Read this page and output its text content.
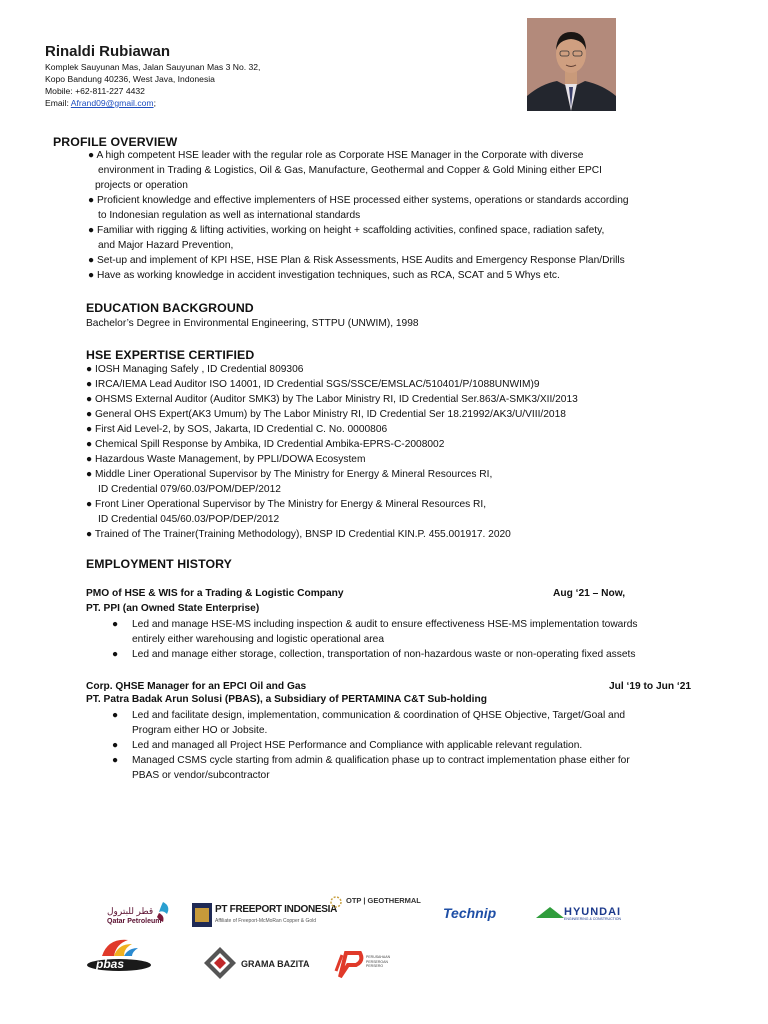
Rinaldi Rubiawan
Komplek Sauyunan Mas, Jalan Sauyunan Mas 3 No. 32,
Kopo Bandung 40236, West Java, Indonesia
Mobile: +62-811-227 4432
Email: Afrand09@gmail.com;
PROFILE OVERVIEW
● A high competent HSE leader with the regular role as Corporate HSE Manager in the Corporate with diverse
environment in Trading & Logistics, Oil & Gas, Manufacture, Geothermal and Copper & Gold Mining either EPCI
projects or operation
● Proficient knowledge and effective implementers of HSE processed either systems, operations or standards according
to Indonesian regulation as well as international standards
● Familiar with rigging & lifting activities, working on height + scaffolding activities, confined space, radiation safety,
and Major Hazard Prevention,
● Set-up and implement of KPI HSE, HSE Plan & Risk Assessments, HSE Audits and Emergency Response Plan/Drills
● Have as working knowledge in accident investigation techniques, such as RCA, SCAT and 5 Whys etc.
EDUCATION BACKGROUND
Bachelor’s Degree in Environmental Engineering, STTPU (UNWIM), 1998
HSE EXPERTISE CERTIFIED
● IOSH Managing Safely , ID Credential 809306
● IRCA/IEMA Lead Auditor ISO 14001, ID Credential SGS/SSCE/EMSLAC/510401/P/1088UNWIM)9
● OHSMS External Auditor (Auditor SMK3) by The Labor Ministry RI, ID Credential Ser.863/A-SMK3/XII/2013
● General OHS Expert(AK3 Umum) by The Labor Ministry RI, ID Credential Ser 18.21992/AK3/U/VIII/2018
● First Aid Level-2, by SOS, Jakarta, ID Credential C. No. 0000806
● Chemical Spill Response by Ambika, ID Credential Ambika-EPRS-C-2008002
● Hazardous Waste Management, by PPLI/DOWA Ecosystem
● Middle Liner Operational Supervisor by The Ministry for Energy & Mineral Resources RI,
ID Credential 079/60.03/POM/DEP/2012
● Front Liner Operational Supervisor by The Ministry for Energy & Mineral Resources RI,
ID Credential 045/60.03/POP/DEP/2012
● Trained of The Trainer(Training Methodology), BNSP ID Credential KIN.P. 455.001917. 2020
EMPLOYMENT HISTORY
PMO of HSE & WIS for a Trading & Logistic Company	Aug ‘21 – Now,
PT. PPI (an Owned State Enterprise)
● Led and manage HSE-MS including inspection & audit to ensure effectiveness HSE-MS implementation towards
entirely either warehousing and logistic operational area
● Led and manage either storage, collection, transportation of non-hazardous waste or non-operating fixed assets
Corp. QHSE Manager for an EPCI Oil and Gas	Jul ‘19 to Jun ‘21
PT. Patra Badak Arun Solusi (PBAS), a Subsidiary of PERTAMINA C&T Sub-holding
● Led and facilitate design, implementation, communication & coordination of QHSE Objective, Target/Goal and
Program either HO or Jobsite.
● Led and managed all Project HSE Performance and Compliance with applicable relevant regulation.
● Managed CSMS cycle starting from admin & qualification phase up to contract implementation phase either for
PBAS or vendor/subcontractor
قطر للبترول
Qatar Petroleum
PT FREEPORT INDONESIA
Affiliate of Freeport-McMoRan Copper & Gold
OTP | GEOTHERMAL
Technip	HYUNDAI
ENGINEERING & CONSTRUCTION
pbas	GRAMA BAZITA
PERUSAHAAN PERSEROAN PERSERO
